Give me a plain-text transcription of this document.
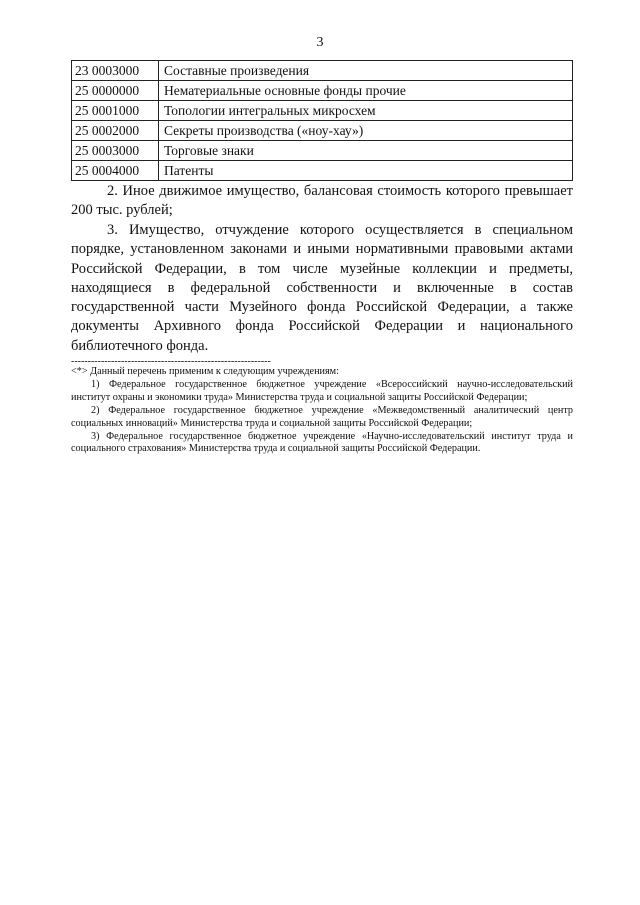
3
23 0003000	Составные произведения
25 0000000	Нематериальные основные фонды прочие
25 0001000	Топологии интегральных микросхем
25 0002000	Секреты производства («ноу-хау»)
25 0003000	Торговые знаки
25 0004000	Патенты

2. Иное движимое имущество, балансовая стоимость которого превышает 200 тыс. рублей;

3. Имущество, отчуждение которого осуществляется в специальном порядке, установленном законами и иными нормативными правовыми актами Российской Федерации, в том числе музейные коллекции и предметы, находящиеся в федеральной собственности и включенные в состав государственной части Музейного фонда Российской Федерации, а также документы Архивного фонда Российской Федерации и национального библиотечного фонда.

------------------------------------------------------------

<*> Данный перечень применим к следующим учреждениям:

1) Федеральное государственное бюджетное учреждение «Всероссийский научно-исследовательский институт охраны и экономики труда» Министерства труда и социальной защиты Российской Федерации;

2) Федеральное государственное бюджетное учреждение «Межведомственный аналитический центр социальных инноваций» Министерства труда и социальной защиты Российской Федерации;

3) Федеральное государственное бюджетное учреждение «Научно-исследовательский институт труда и социального страхования» Министерства труда и социальной защиты Российской Федерации.
